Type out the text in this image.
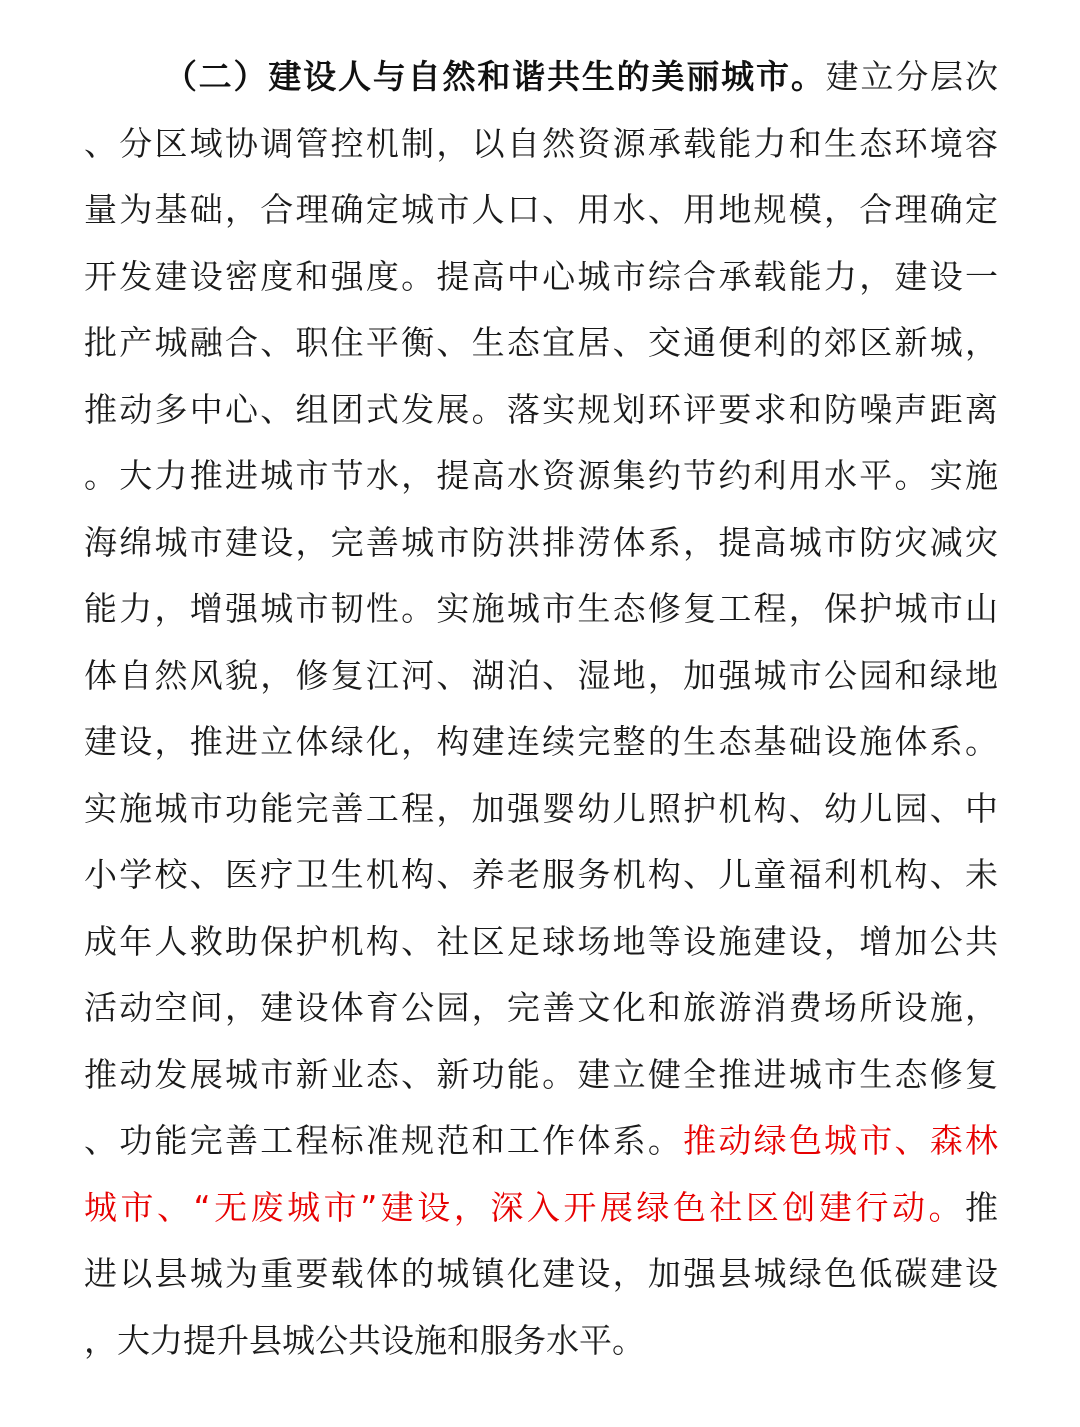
（二）建设人与自然和谐共生的美丽城市。建立分层次
、分区域协调管控机制，以自然资源承载能力和生态环境容
量为基础，合理确定城市人口、用水、用地规模，合理确定
开发建设密度和强度。提高中心城市综合承载能力，建设一
批产城融合、职住平衡、生态宜居、交通便利的郊区新城，
推动多中心、组团式发展。落实规划环评要求和防噪声距离
。大力推进城市节水，提高水资源集约节约利用水平。实施
海绵城市建设，完善城市防洪排涝体系，提高城市防灾减灾
能力，增强城市韧性。实施城市生态修复工程，保护城市山
体自然风貌，修复江河、湖泊、湿地，加强城市公园和绿地
建设，推进立体绿化，构建连续完整的生态基础设施体系。
实施城市功能完善工程，加强婴幼儿照护机构、幼儿园、中
小学校、医疗卫生机构、养老服务机构、儿童福利机构、未
成年人救助保护机构、社区足球场地等设施建设，增加公共
活动空间，建设体育公园，完善文化和旅游消费场所设施，
推动发展城市新业态、新功能。建立健全推进城市生态修复
、功能完善工程标准规范和工作体系。推动绿色城市、森林
城市、“无废城市”建设，深入开展绿色社区创建行动。推
进以县城为重要载体的城镇化建设，加强县城绿色低碳建设
，大力提升县城公共设施和服务水平。
